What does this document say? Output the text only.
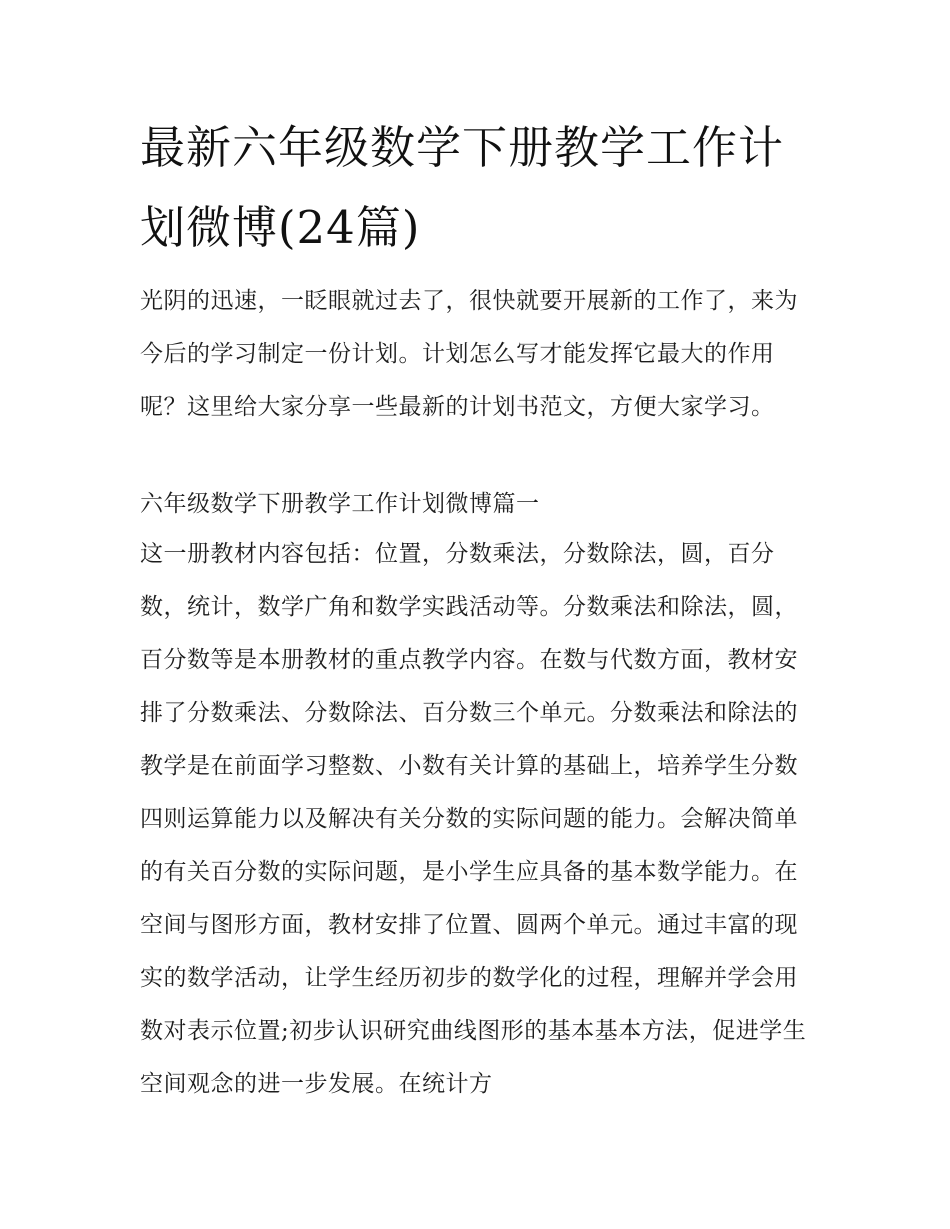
最新六年级数学下册教学工作计划微博(24篇)

光阴的迅速，一眨眼就过去了，很快就要开展新的工作了，来为今后的学习制定一份计划。计划怎么写才能发挥它最大的作用呢？这里给大家分享一些最新的计划书范文，方便大家学习。

六年级数学下册教学工作计划微博篇一

这一册教材内容包括：位置，分数乘法，分数除法，圆，百分数，统计，数学广角和数学实践活动等。分数乘法和除法，圆，百分数等是本册教材的重点教学内容。在数与代数方面，教材安排了分数乘法、分数除法、百分数三个单元。分数乘法和除法的教学是在前面学习整数、小数有关计算的基础上，培养学生分数四则运算能力以及解决有关分数的实际问题的能力。会解决简单的有关百分数的实际问题，是小学生应具备的基本数学能力。在空间与图形方面，教材安排了位置、圆两个单元。通过丰富的现实的数学活动，让学生经历初步的数学化的过程，理解并学会用数对表示位置;初步认识研究曲线图形的基本基本方法，促进学生空间观念的进一步发展。在统计方
